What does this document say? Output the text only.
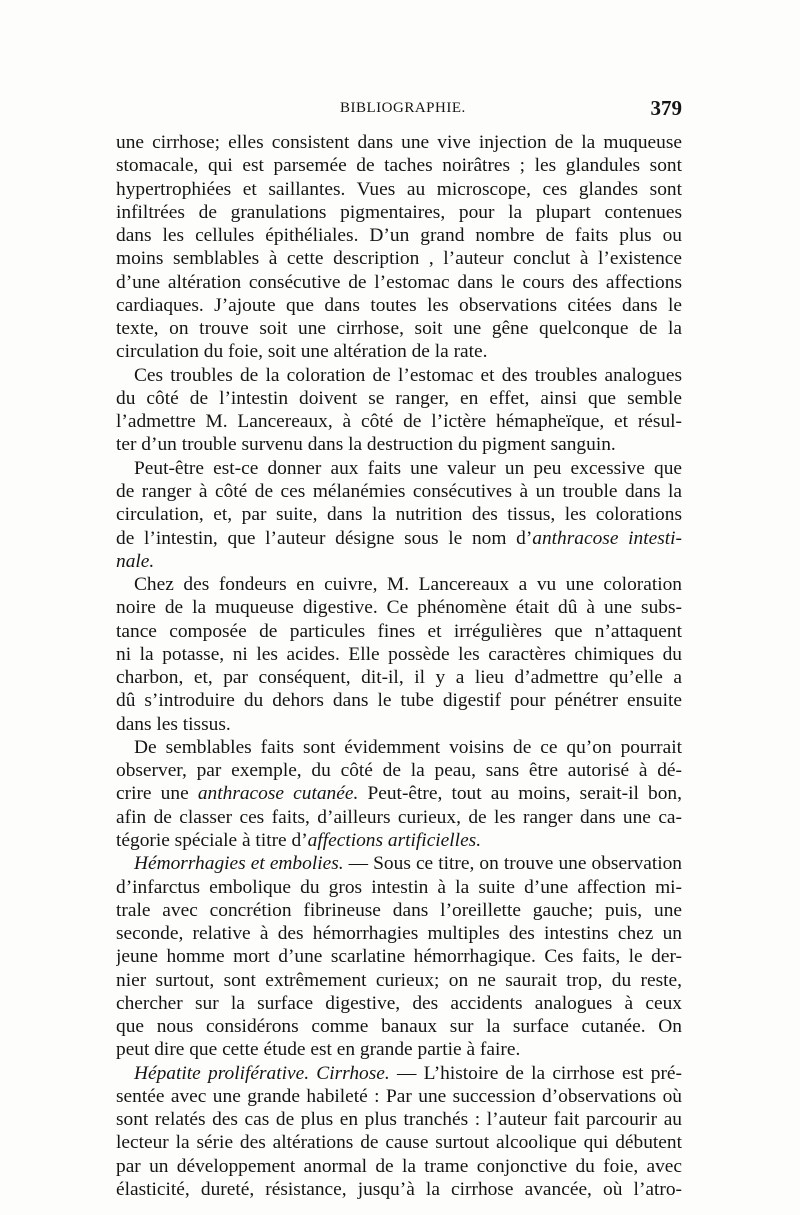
BIBLIOGRAPHIE.	379
une cirrhose; elles consistent dans une vive injection de la muqueuse
stomacale, qui est parsemée de taches noirâtres ; les glandules sont
hypertrophiées et saillantes. Vues au microscope, ces glandes sont
infiltrées de granulations pigmentaires, pour la plupart contenues
dans les cellules épithéliales. D’un grand nombre de faits plus ou
moins semblables à cette description , l’auteur conclut à l’existence
d’une altération consécutive de l’estomac dans le cours des affections
cardiaques. J’ajoute que dans toutes les observations citées dans le
texte, on trouve soit une cirrhose, soit une gêne quelconque de la
circulation du foie, soit une altération de la rate.
Ces troubles de la coloration de l’estomac et des troubles analogues
du côté de l’intestin doivent se ranger, en effet, ainsi que semble
l’admettre M. Lancereaux, à côté de l’ictère hémapheïque, et résul-
ter d’un trouble survenu dans la destruction du pigment sanguin.
Peut-être est-ce donner aux faits une valeur un peu excessive que
de ranger à côté de ces mélanémies consécutives à un trouble dans la
circulation, et, par suite, dans la nutrition des tissus, les colorations
de l’intestin, que l’auteur désigne sous le nom d’anthracose intesti-
nale.
Chez des fondeurs en cuivre, M. Lancereaux a vu une coloration
noire de la muqueuse digestive. Ce phénomène était dû à une subs-
tance composée de particules fines et irrégulières que n’attaquent
ni la potasse, ni les acides. Elle possède les caractères chimiques du
charbon, et, par conséquent, dit-il, il y a lieu d’admettre qu’elle a
dû s’introduire du dehors dans le tube digestif pour pénétrer ensuite
dans les tissus.
De semblables faits sont évidemment voisins de ce qu’on pourrait
observer, par exemple, du côté de la peau, sans être autorisé à dé-
crire une anthracose cutanée. Peut-être, tout au moins, serait-il bon,
afin de classer ces faits, d’ailleurs curieux, de les ranger dans une ca-
tégorie spéciale à titre d’affections artificielles.
Hémorrhagies et embolies. — Sous ce titre, on trouve une observation
d’infarctus embolique du gros intestin à la suite d’une affection mi-
trale avec concrétion fibrineuse dans l’oreillette gauche; puis, une
seconde, relative à des hémorrhagies multiples des intestins chez un
jeune homme mort d’une scarlatine hémorrhagique. Ces faits, le der-
nier surtout, sont extrêmement curieux; on ne saurait trop, du reste,
chercher sur la surface digestive, des accidents analogues à ceux
que nous considérons comme banaux sur la surface cutanée. On
peut dire que cette étude est en grande partie à faire.
Hépatite proliférative. Cirrhose. — L’histoire de la cirrhose est pré-
sentée avec une grande habileté : Par une succession d’observations où
sont relatés des cas de plus en plus tranchés : l’auteur fait parcourir au
lecteur la série des altérations de cause surtout alcoolique qui débutent
par un développement anormal de la trame conjonctive du foie, avec
élasticité, dureté, résistance, jusqu’à la cirrhose avancée, où l’atro-
